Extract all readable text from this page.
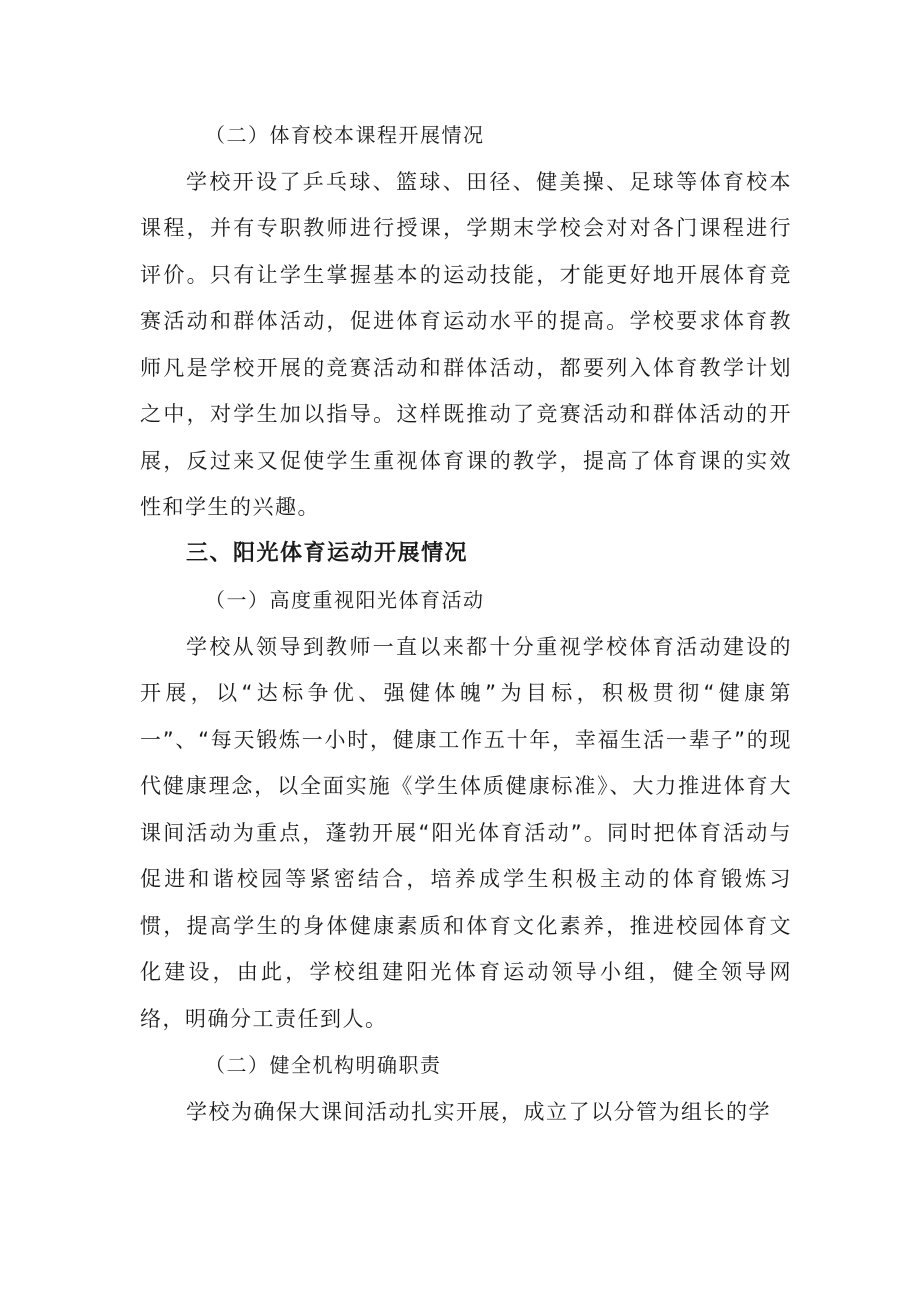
（二）体育校本课程开展情况

学校开设了乒乓球、篮球、田径、健美操、足球等体育校本课程，并有专职教师进行授课，学期末学校会对对各门课程进行评价。只有让学生掌握基本的运动技能，才能更好地开展体育竞赛活动和群体活动，促进体育运动水平的提高。学校要求体育教师凡是学校开展的竞赛活动和群体活动，都要列入体育教学计划之中，对学生加以指导。这样既推动了竞赛活动和群体活动的开展，反过来又促使学生重视体育课的教学，提高了体育课的实效性和学生的兴趣。

三、阳光体育运动开展情况
（一）高度重视阳光体育活动

学校从领导到教师一直以来都十分重视学校体育活动建设的开展，以“达标争优、强健体魄”为目标，积极贯彻“健康第一”、“每天锻炼一小时，健康工作五十年，幸福生活一辈子”的现代健康理念，以全面实施《学生体质健康标准》、大力推进体育大课间活动为重点，蓬勃开展“阳光体育活动”。同时把体育活动与促进和谐校园等紧密结合，培养成学生积极主动的体育锻炼习惯，提高学生的身体健康素质和体育文化素养，推进校园体育文化建设，由此，学校组建阳光体育运动领导小组，健全领导网络，明确分工责任到人。

（二）健全机构明确职责

学校为确保大课间活动扎实开展，成立了以分管为组长的学
